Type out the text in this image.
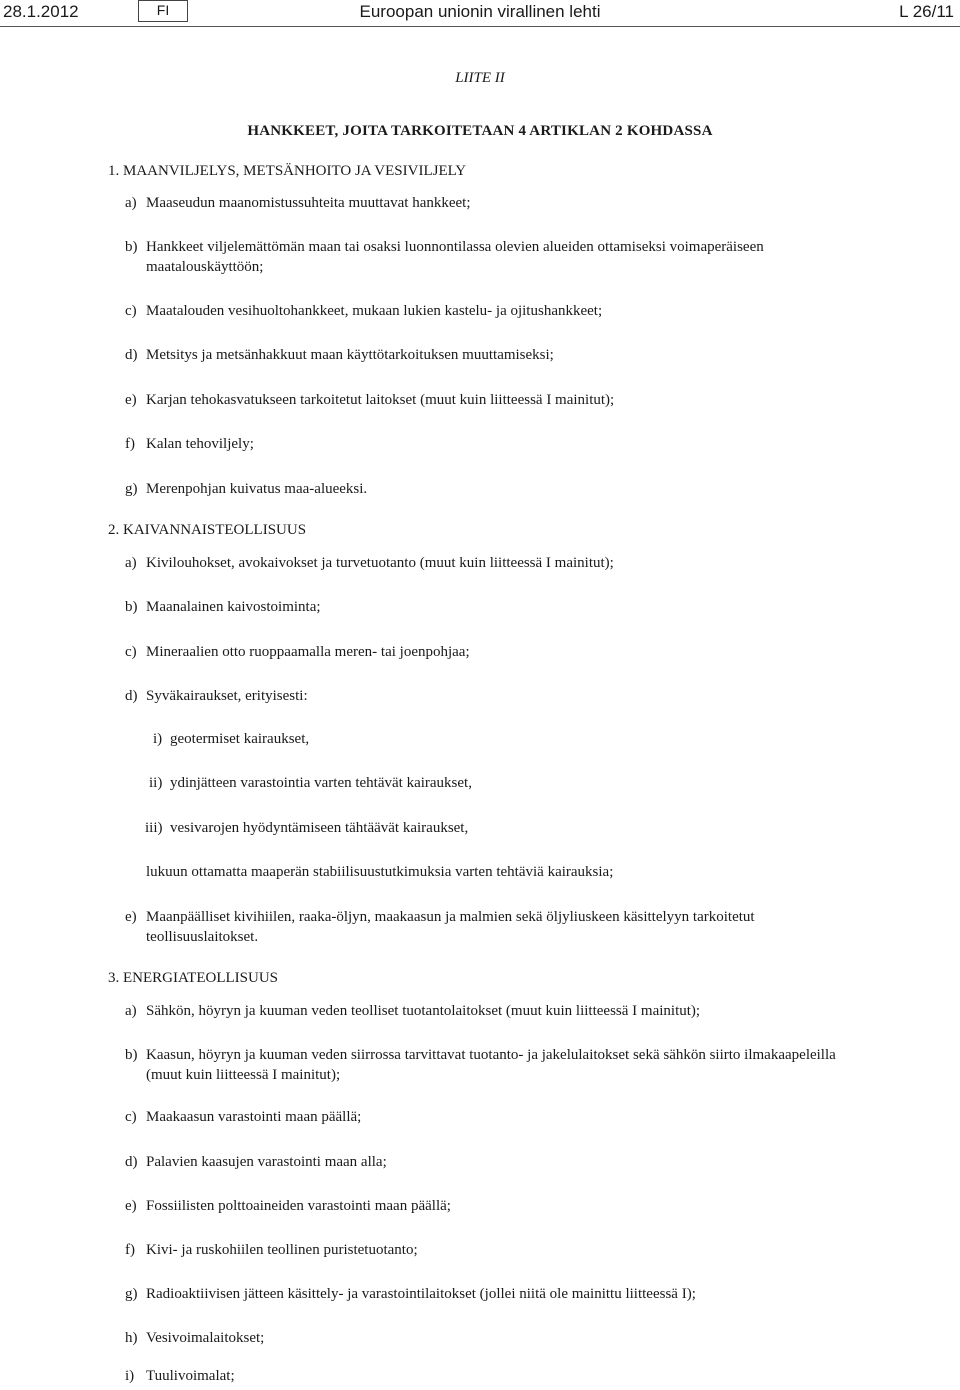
28.1.2012	FI	Euroopan unionin virallinen lehti	L 26/11
LIITE II
HANKKEET, JOITA TARKOITETAAN 4 ARTIKLAN 2 KOHDASSA
1. MAANVILJELYS, METSÄNHOITO JA VESIVILJELY
a) Maaseudun maanomistussuhteita muuttavat hankkeet;
b) Hankkeet viljelemättömän maan tai osaksi luonnontilassa olevien alueiden ottamiseksi voimaperäiseen maatalouskäyttöön;
c) Maatalouden vesihuoltohankkeet, mukaan lukien kastelu- ja ojitushankkeet;
d) Metsitys ja metsänhakkuut maan käyttötarkoituksen muuttamiseksi;
e) Karjan tehokasvatukseen tarkoitetut laitokset (muut kuin liitteessä I mainitut);
f) Kalan tehoviljely;
g) Merenpohjan kuivatus maa-alueeksi.
2. KAIVANNAISTEOLLISUUS
a) Kivilouhokset, avokaivokset ja turvetuotanto (muut kuin liitteessä I mainitut);
b) Maanalainen kaivostoiminta;
c) Mineraalien otto ruoppaamalla meren- tai joenpohjaa;
d) Syväkairaukset, erityisesti:
i) geotermiset kairaukset,
ii) ydinjätteen varastointia varten tehtävät kairaukset,
iii) vesivarojen hyödyntämiseen tähtäävät kairaukset,
lukuun ottamatta maaperän stabiilisuustutkimuksia varten tehtäviä kairauksia;
e) Maanpäälliset kivihiilen, raaka-öljyn, maakaasun ja malmien sekä öljyliuskeen käsittelyyn tarkoitetut teollisuuslaitokset.
3. ENERGIATEOLLISUUS
a) Sähkön, höyryn ja kuuman veden teolliset tuotantolaitokset (muut kuin liitteessä I mainitut);
b) Kaasun, höyryn ja kuuman veden siirrossa tarvittavat tuotanto- ja jakelulaitokset sekä sähkön siirto ilmakaapeleilla (muut kuin liitteessä I mainitut);
c) Maakaasun varastointi maan päällä;
d) Palavien kaasujen varastointi maan alla;
e) Fossiilisten polttoaineiden varastointi maan päällä;
f) Kivi- ja ruskohiilen teollinen puristetuotanto;
g) Radioaktiivisen jätteen käsittely- ja varastointilaitokset (jollei niitä ole mainittu liitteessä I);
h) Vesivoimalaitokset;
i) Tuulivoimalat;
